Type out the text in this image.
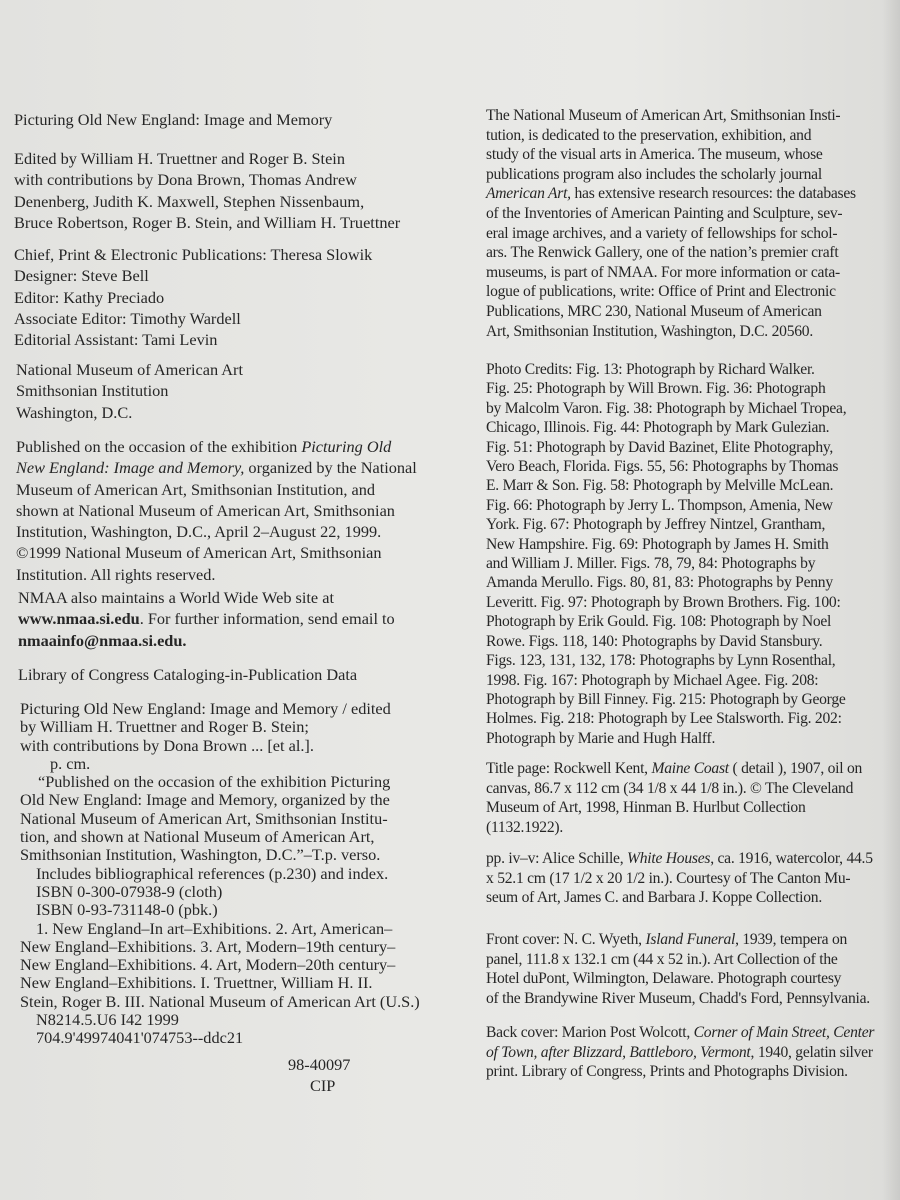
Picturing Old New England: Image and Memory
Edited by William H. Truettner and Roger B. Stein
with contributions by Dona Brown, Thomas Andrew
Denenberg, Judith K. Maxwell, Stephen Nissenbaum,
Bruce Robertson, Roger B. Stein, and William H. Truettner
Chief, Print & Electronic Publications: Theresa Slowik
Designer: Steve Bell
Editor: Kathy Preciado
Associate Editor: Timothy Wardell
Editorial Assistant: Tami Levin
National Museum of American Art
Smithsonian Institution
Washington, D.C.
Published on the occasion of the exhibition Picturing Old
New England: Image and Memory, organized by the National
Museum of American Art, Smithsonian Institution, and
shown at National Museum of American Art, Smithsonian
Institution, Washington, D.C., April 2–August 22, 1999.
©1999 National Museum of American Art, Smithsonian
Institution. All rights reserved.
NMAA also maintains a World Wide Web site at
www.nmaa.si.edu. For further information, send email to
nmaainfo@nmaa.si.edu.
Library of Congress Cataloging-in-Publication Data
Picturing Old New England: Image and Memory / edited
by William H. Truettner and Roger B. Stein;
with contributions by Dona Brown ... [et al.].
p. cm.
“Published on the occasion of the exhibition Picturing
Old New England: Image and Memory, organized by the
National Museum of American Art, Smithsonian Institu-
tion, and shown at National Museum of American Art,
Smithsonian Institution, Washington, D.C.”–T.p. verso.
Includes bibliographical references (p.230) and index.
ISBN 0-300-07938-9 (cloth)
ISBN 0-93-731148-0 (pbk.)
1. New England–In art–Exhibitions. 2. Art, American–
New England–Exhibitions. 3. Art, Modern–19th century–
New England–Exhibitions. 4. Art, Modern–20th century–
New England–Exhibitions. I. Truettner, William H. II.
Stein, Roger B. III. National Museum of American Art (U.S.)
N8214.5.U6 I42 1999
704.9'49974041'074753--ddc21
98-40097
CIP
The National Museum of American Art, Smithsonian Insti-
tution, is dedicated to the preservation, exhibition, and
study of the visual arts in America. The museum, whose
publications program also includes the scholarly journal
American Art, has extensive research resources: the databases
of the Inventories of American Painting and Sculpture, sev-
eral image archives, and a variety of fellowships for schol-
ars. The Renwick Gallery, one of the nation’s premier craft
museums, is part of NMAA. For more information or cata-
logue of publications, write: Office of Print and Electronic
Publications, MRC 230, National Museum of American
Art, Smithsonian Institution, Washington, D.C. 20560.
Photo Credits: Fig. 13: Photograph by Richard Walker.
Fig. 25: Photograph by Will Brown. Fig. 36: Photograph
by Malcolm Varon. Fig. 38: Photograph by Michael Tropea,
Chicago, Illinois. Fig. 44: Photograph by Mark Gulezian.
Fig. 51: Photograph by David Bazinet, Elite Photography,
Vero Beach, Florida. Figs. 55, 56: Photographs by Thomas
E. Marr & Son. Fig. 58: Photograph by Melville McLean.
Fig. 66: Photograph by Jerry L. Thompson, Amenia, New
York. Fig. 67: Photograph by Jeffrey Nintzel, Grantham,
New Hampshire. Fig. 69: Photograph by James H. Smith
and William J. Miller. Figs. 78, 79, 84: Photographs by
Amanda Merullo. Figs. 80, 81, 83: Photographs by Penny
Leveritt. Fig. 97: Photograph by Brown Brothers. Fig. 100:
Photograph by Erik Gould. Fig. 108: Photograph by Noel
Rowe. Figs. 118, 140: Photographs by David Stansbury.
Figs. 123, 131, 132, 178: Photographs by Lynn Rosenthal,
1998. Fig. 167: Photograph by Michael Agee. Fig. 208:
Photograph by Bill Finney. Fig. 215: Photograph by George
Holmes. Fig. 218: Photograph by Lee Stalsworth. Fig. 202:
Photograph by Marie and Hugh Halff.
Title page: Rockwell Kent, Maine Coast ( detail ), 1907, oil on
canvas, 86.7 x 112 cm (34 1/8 x 44 1/8 in.). © The Cleveland
Museum of Art, 1998, Hinman B. Hurlbut Collection
(1132.1922).
pp. iv–v: Alice Schille, White Houses, ca. 1916, watercolor, 44.5
x 52.1 cm (17 1/2 x 20 1/2 in.). Courtesy of The Canton Mu-
seum of Art, James C. and Barbara J. Koppe Collection.
Front cover: N. C. Wyeth, Island Funeral, 1939, tempera on
panel, 111.8 x 132.1 cm (44 x 52 in.). Art Collection of the
Hotel duPont, Wilmington, Delaware. Photograph courtesy
of the Brandywine River Museum, Chadd's Ford, Pennsylvania.
Back cover: Marion Post Wolcott, Corner of Main Street, Center
of Town, after Blizzard, Battleboro, Vermont, 1940, gelatin silver
print. Library of Congress, Prints and Photographs Division.
